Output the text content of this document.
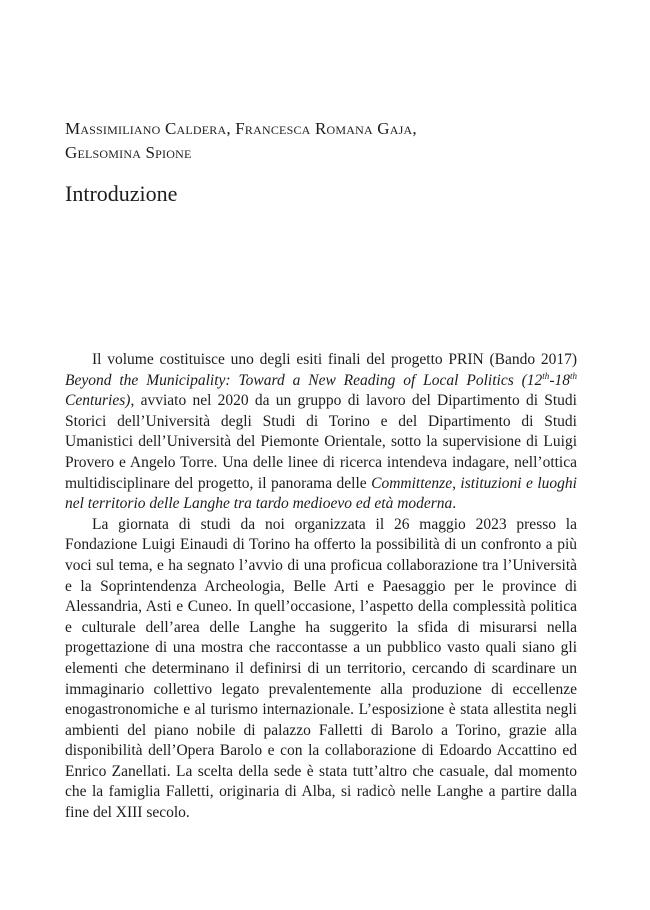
Massimiliano Caldera, Francesca Romana Gaja,
Gelsomina Spione
Introduzione

Il volume costituisce uno degli esiti finali del progetto PRIN (Bando 2017) Beyond the Municipality: Toward a New Reading of Local Politics (12th-18th Centuries), avviato nel 2020 da un gruppo di lavoro del Dipartimento di Studi Storici dell’Università degli Studi di Torino e del Dipartimento di Studi Umanistici dell’Università del Piemonte Orientale, sotto la supervisione di Luigi Provero e Angelo Torre. Una delle linee di ricerca intendeva indagare, nell’ottica multidisciplinare del progetto, il panorama delle Committenze, istituzioni e luoghi nel territorio delle Langhe tra tardo medioevo ed età moderna.

La giornata di studi da noi organizzata il 26 maggio 2023 presso la Fondazione Luigi Einaudi di Torino ha offerto la possibilità di un confronto a più voci sul tema, e ha segnato l’avvio di una proficua collaborazione tra l’Università e la Soprintendenza Archeologia, Belle Arti e Paesaggio per le province di Alessandria, Asti e Cuneo. In quell’occasione, l’aspetto della complessità politica e culturale dell’area delle Langhe ha suggerito la sfida di misurarsi nella progettazione di una mostra che raccontasse a un pubblico vasto quali siano gli elementi che determinano il definirsi di un territorio, cercando di scardinare un immaginario collettivo legato prevalentemente alla produzione di eccellenze enogastronomiche e al turismo internazionale. L’esposizione è stata allestita negli ambienti del piano nobile di palazzo Falletti di Barolo a Torino, grazie alla disponibilità dell’Opera Barolo e con la collaborazione di Edoardo Accattino ed Enrico Zanellati. La scelta della sede è stata tutt’altro che casuale, dal momento che la famiglia Falletti, originaria di Alba, si radicò nelle Langhe a partire dalla fine del XIII secolo.
